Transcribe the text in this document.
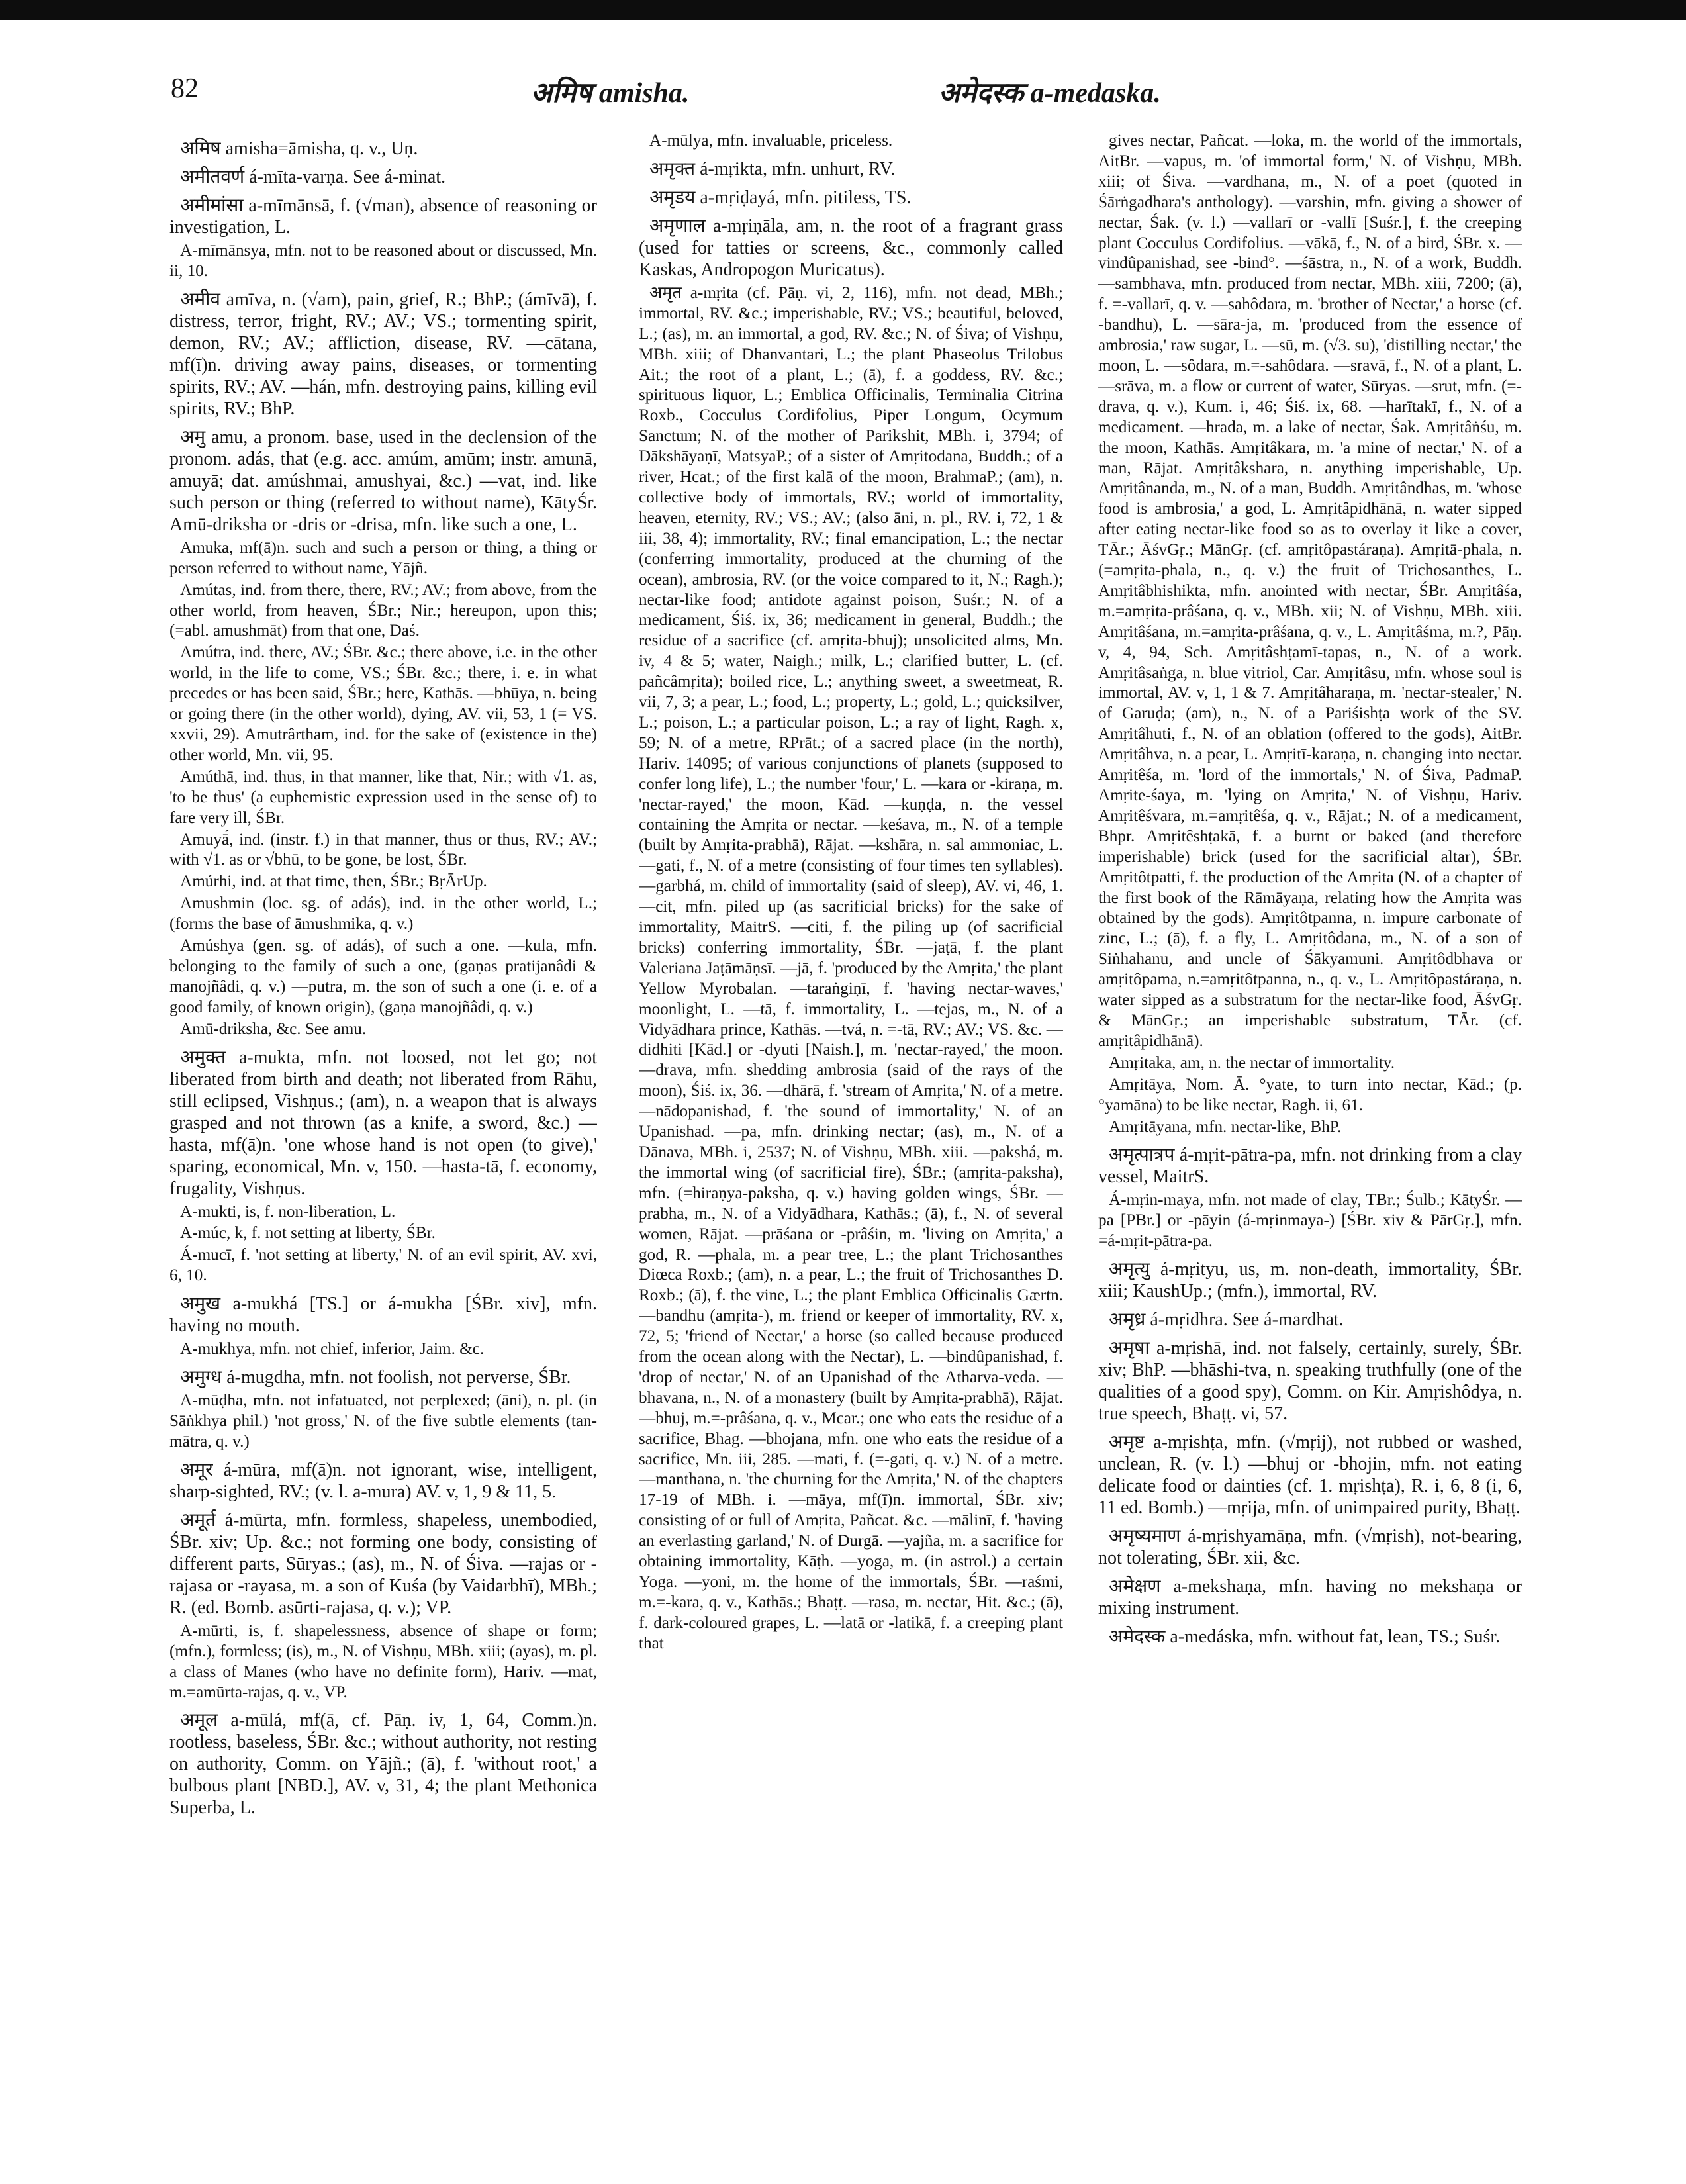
82	अमिष amisha.	अमेदस्क a-medaska.

अमिष amisha=āmisha, q. v., Uṇ.

अमीतवर्ण á-mīta-varṇa. See á-minat.

अमीमांसा a-mīmānsā, f. (√man), absence of reasoning or investigation, L.

A-mīmānsya, mfn. not to be reasoned about or discussed, Mn. ii, 10.

अमीव amīva, n. (√am), pain, grief, R.; BhP.; (ámīvā), f. distress, terror, fright, RV.; AV.; VS.; tormenting spirit, demon, RV.; AV.; affliction, disease, RV. —cātana, mf(ī)n. driving away pains, diseases, or tormenting spirits, RV.; AV. —hán, mfn. destroying pains, killing evil spirits, RV.; BhP.

अमु amu, a pronom. base, used in the declension of the pronom. adás, that (e.g. acc. amúm, amūm; instr. amunā, amuyā; dat. amúshmai, amushyai, &c.) —vat, ind. like such person or thing (referred to without name), KātyŚr. Amū-driksha or -dris or -drisa, mfn. like such a one, L.

Amuka, mf(ā)n. such and such a person or thing, a thing or person referred to without name, Yājñ.

Amútas, ind. from there, there, RV.; AV.; from above, from the other world, from heaven, ŚBr.; Nir.; hereupon, upon this; (=abl. amushmāt) from that one, Daś.

Amútra, ind. there, AV.; ŚBr. &c.; there above, i.e. in the other world, in the life to come, VS.; ŚBr. &c.; there, i. e. in what precedes or has been said, ŚBr.; here, Kathās. —bhūya, n. being or going there (in the other world), dying, AV. vii, 53, 1 (= VS. xxvii, 29). Amutrârtham, ind. for the sake of (existence in the) other world, Mn. vii, 95.

Amúthā, ind. thus, in that manner, like that, Nir.; with √1. as, 'to be thus' (a euphemistic expression used in the sense of) to fare very ill, ŚBr.

Amuyā́, ind. (instr. f.) in that manner, thus or thus, RV.; AV.; with √1. as or √bhū, to be gone, be lost, ŚBr.

Amúrhi, ind. at that time, then, ŚBr.; BṛĀrUp.

Amushmin (loc. sg. of adás), ind. in the other world, L.; (forms the base of āmushmika, q. v.)

Amúshya (gen. sg. of adás), of such a one. —kula, mfn. belonging to the family of such a one, (gaṇas pratijanâdi & manojñâdi, q. v.) —putra, m. the son of such a one (i. e. of a good family, of known origin), (gaṇa manojñâdi, q. v.)

Amū-driksha, &c. See amu.

अमुक्त a-mukta, mfn. not loosed, not let go; not liberated from birth and death; not liberated from Rāhu, still eclipsed, Vishṇus.; (am), n. a weapon that is always grasped and not thrown (as a knife, a sword, &c.) —hasta, mf(ā)n. 'one whose hand is not open (to give),' sparing, economical, Mn. v, 150. —hasta-tā, f. economy, frugality, Vishṇus.

A-mukti, is, f. non-liberation, L.

A-múc, k, f. not setting at liberty, ŚBr.

Á-mucī, f. 'not setting at liberty,' N. of an evil spirit, AV. xvi, 6, 10.

अमुख a-mukhá [TS.] or á-mukha [ŚBr. xiv], mfn. having no mouth.

A-mukhya, mfn. not chief, inferior, Jaim. &c.

अमुग्ध á-mugdha, mfn. not foolish, not perverse, ŚBr.

A-mūḍha, mfn. not infatuated, not perplexed; (āni), n. pl. (in Sāṅkhya phil.) 'not gross,' N. of the five subtle elements (tan-mātra, q. v.)

अमूर á-mūra, mf(ā)n. not ignorant, wise, intelligent, sharp-sighted, RV.; (v. l. a-mura) AV. v, 1, 9 & 11, 5.

अमूर्त á-mūrta, mfn. formless, shapeless, unembodied, ŚBr. xiv; Up. &c.; not forming one body, consisting of different parts, Sūryas.; (as), m., N. of Śiva. —rajas or -rajasa or -rayasa, m. a son of Kuśa (by Vaidarbhī), MBh.; R. (ed. Bomb. asūrti-rajasa, q. v.); VP.

A-mūrti, is, f. shapelessness, absence of shape or form; (mfn.), formless; (is), m., N. of Vishṇu, MBh. xiii; (ayas), m. pl. a class of Manes (who have no definite form), Hariv. —mat, m.=amūrta-rajas, q. v., VP.

अमूल a-mūlá, mf(ā, cf. Pāṇ. iv, 1, 64, Comm.)n. rootless, baseless, ŚBr. &c.; without authority, not resting on authority, Comm. on Yājñ.; (ā), f. 'without root,' a bulbous plant [NBD.], AV. v, 31, 4; the plant Methonica Superba, L.

A-mūlya, mfn. invaluable, priceless.

अमृक्त á-mṛikta, mfn. unhurt, RV.

अमृडय a-mṛiḍayá, mfn. pitiless, TS.

अमृणाल a-mṛiṇāla, am, n. the root of a fragrant grass (used for tatties or screens, &c., commonly called Kaskas, Andropogon Muricatus).

अमृत a-mṛita (cf. Pāṇ. vi, 2, 116), mfn. not dead, MBh.; immortal, RV. &c.; imperishable, RV.; VS.; beautiful, beloved, L.; (as), m. an immortal, a god, RV. &c.; N. of Śiva; of Vishṇu, MBh. xiii; of Dhanvantari, L.; the plant Phaseolus Trilobus Ait.; the root of a plant, L.; (ā), f. a goddess, RV. &c.; spirituous liquor, L.; Emblica Officinalis, Terminalia Citrina Roxb., Cocculus Cordifolius, Piper Longum, Ocymum Sanctum; N. of the mother of Parikshit, MBh. i, 3794; of Dākshāyaṇī, MatsyaP.; of a sister of Amṛitodana, Buddh.; of a river, Hcat.; of the first kalā of the moon, BrahmaP.; (am), n. collective body of immortals, RV.; world of immortality, heaven, eternity, RV.; VS.; AV.; (also āni, n. pl., RV. i, 72, 1 & iii, 38, 4); immortality, RV.; final emancipation, L.; the nectar (conferring immortality, produced at the churning of the ocean), ambrosia, RV. (or the voice compared to it, N.; Ragh.); nectar-like food; antidote against poison, Suśr.; N. of a medicament, Śiś. ix, 36; medicament in general, Buddh.; the residue of a sacrifice (cf. amṛita-bhuj); unsolicited alms, Mn. iv, 4 & 5; water, Naigh.; milk, L.; clarified butter, L. (cf. pañcâmṛita); boiled rice, L.; anything sweet, a sweetmeat, R. vii, 7, 3; a pear, L.; food, L.; property, L.; gold, L.; quicksilver, L.; poison, L.; a particular poison, L.; a ray of light, Ragh. x, 59; N. of a metre, RPrāt.; of a sacred place (in the north), Hariv. 14095; of various conjunctions of planets (supposed to confer long life), L.; the number 'four,' L. —kara or -kiraṇa, m. 'nectar-rayed,' the moon, Kād. —kuṇḍa, n. the vessel containing the Amṛita or nectar. —keśava, m., N. of a temple (built by Amṛita-prabhā), Rājat. —kshāra, n. sal ammoniac, L. —gati, f., N. of a metre (consisting of four times ten syllables). —garbhá, m. child of immortality (said of sleep), AV. vi, 46, 1. —cit, mfn. piled up (as sacrificial bricks) for the sake of immortality, MaitrS. —citi, f. the piling up (of sacrificial bricks) conferring immortality, ŚBr. —jaṭā, f. the plant Valeriana Jaṭāmāṇsī. —jā, f. 'produced by the Amṛita,' the plant Yellow Myrobalan. —taraṅgiṇī, f. 'having nectar-waves,' moonlight, L. —tā, f. immortality, L. —tejas, m., N. of a Vidyādhara prince, Kathās. —tvá, n. =-tā, RV.; AV.; VS. &c. —didhiti [Kād.] or -dyuti [Naish.], m. 'nectar-rayed,' the moon. —drava, mfn. shedding ambrosia (said of the rays of the moon), Śiś. ix, 36. —dhārā, f. 'stream of Amṛita,' N. of a metre. —nādopanishad, f. 'the sound of immortality,' N. of an Upanishad. —pa, mfn. drinking nectar; (as), m., N. of a Dānava, MBh. i, 2537; N. of Vishṇu, MBh. xiii. —pakshá, m. the immortal wing (of sacrificial fire), ŚBr.; (amṛita-paksha), mfn. (=hiraṇya-paksha, q. v.) having golden wings, ŚBr. —prabha, m., N. of a Vidyādhara, Kathās.; (ā), f., N. of several women, Rājat. —prāśana or -prâśin, m. 'living on Amṛita,' a god, R. —phala, m. a pear tree, L.; the plant Trichosanthes Diœca Roxb.; (am), n. a pear, L.; the fruit of Trichosanthes D. Roxb.; (ā), f. the vine, L.; the plant Emblica Officinalis Gærtn. —bandhu (amṛita-), m. friend or keeper of immortality, RV. x, 72, 5; 'friend of Nectar,' a horse (so called because produced from the ocean along with the Nectar), L. —bindûpanishad, f. 'drop of nectar,' N. of an Upanishad of the Atharva-veda. —bhavana, n., N. of a monastery (built by Amṛita-prabhā), Rājat. —bhuj, m.=-prâśana, q. v., Mcar.; one who eats the residue of a sacrifice, Bhag. —bhojana, mfn. one who eats the residue of a sacrifice, Mn. iii, 285. —mati, f. (=-gati, q. v.) N. of a metre. —manthana, n. 'the churning for the Amṛita,' N. of the chapters 17-19 of MBh. i. —māya, mf(ī)n. immortal, ŚBr. xiv; consisting of or full of Amṛita, Pañcat. &c. —mālinī, f. 'having an everlasting garland,' N. of Durgā. —yajña, m. a sacrifice for obtaining immortality, Kāṭh. —yoga, m. (in astrol.) a certain Yoga. —yoni, m. the home of the immortals, ŚBr. —raśmi, m.=-kara, q. v., Kathās.; Bhaṭṭ. —rasa, m. nectar, Hit. &c.; (ā), f. dark-coloured grapes, L. —latā or -latikā, f. a creeping plant that

gives nectar, Pañcat. —loka, m. the world of the immortals, AitBr. —vapus, m. 'of immortal form,' N. of Vishṇu, MBh. xiii; of Śiva. —vardhana, m., N. of a poet (quoted in Śārṅgadhara's anthology). —varshin, mfn. giving a shower of nectar, Śak. (v. l.) —vallarī or -vallī [Suśr.], f. the creeping plant Cocculus Cordifolius. —vākā, f., N. of a bird, ŚBr. x. —vindûpanishad, see -bind°. —śāstra, n., N. of a work, Buddh. —sambhava, mfn. produced from nectar, MBh. xiii, 7200; (ā), f. =-vallarī, q. v. —sahôdara, m. 'brother of Nectar,' a horse (cf. -bandhu), L. —sāra-ja, m. 'produced from the essence of ambrosia,' raw sugar, L. —sū, m. (√3. su), 'distilling nectar,' the moon, L. —sôdara, m.=-sahôdara. —sravā, f., N. of a plant, L. —srāva, m. a flow or current of water, Sūryas. —srut, mfn. (=-drava, q. v.), Kum. i, 46; Śiś. ix, 68. —harītakī, f., N. of a medicament. —hrada, m. a lake of nectar, Śak. Amṛitâṅśu, m. the moon, Kathās. Amṛitâkara, m. 'a mine of nectar,' N. of a man, Rājat. Amṛitâkshara, n. anything imperishable, Up. Amṛitânanda, m., N. of a man, Buddh. Amṛitândhas, m. 'whose food is ambrosia,' a god, L. Amṛitâpidhānā, n. water sipped after eating nectar-like food so as to overlay it like a cover, TĀr.; ĀśvGṛ.; MānGṛ. (cf. amṛitôpastáraṇa). Amṛitā-phala, n. (=amṛita-phala, n., q. v.) the fruit of Trichosanthes, L. Amṛitâbhishikta, mfn. anointed with nectar, ŚBr. Amṛitâśa, m.=amṛita-prâśana, q. v., MBh. xii; N. of Vishṇu, MBh. xiii. Amṛitâśana, m.=amṛita-prâśana, q. v., L. Amṛitâśma, m.?, Pāṇ. v, 4, 94, Sch. Amṛitâshṭamī-tapas, n., N. of a work. Amṛitâsaṅga, n. blue vitriol, Car. Amṛitâsu, mfn. whose soul is immortal, AV. v, 1, 1 & 7. Amṛitâharaṇa, m. 'nectar-stealer,' N. of Garuḍa; (am), n., N. of a Pariśishṭa work of the SV. Amṛitâhuti, f., N. of an oblation (offered to the gods), AitBr. Amṛitâhva, n. a pear, L. Amṛitī-karaṇa, n. changing into nectar. Amṛitêśa, m. 'lord of the immortals,' N. of Śiva, PadmaP. Amṛite-śaya, m. 'lying on Amṛita,' N. of Vishṇu, Hariv. Amṛitêśvara, m.=amṛitêśa, q. v., Rājat.; N. of a medicament, Bhpr. Amṛitêshṭakā, f. a burnt or baked (and therefore imperishable) brick (used for the sacrificial altar), ŚBr. Amṛitôtpatti, f. the production of the Amṛita (N. of a chapter of the first book of the Rāmāyaṇa, relating how the Amṛita was obtained by the gods). Amṛitôtpanna, n. impure carbonate of zinc, L.; (ā), f. a fly, L. Amṛitôdana, m., N. of a son of Siṅhahanu, and uncle of Śākyamuni. Amṛitôdbhava or amṛitôpama, n.=amṛitôtpanna, n., q. v., L. Amṛitôpastáraṇa, n. water sipped as a substratum for the nectar-like food, ĀśvGṛ. & MānGṛ.; an imperishable substratum, TĀr. (cf. amṛitâpidhānā).

Amṛitaka, am, n. the nectar of immortality.

Amṛitāya, Nom. Ā. °yate, to turn into nectar, Kād.; (p. °yamāna) to be like nectar, Ragh. ii, 61.

Amṛitāyana, mfn. nectar-like, BhP.

अमृत्पात्रप á-mṛit-pātra-pa, mfn. not drinking from a clay vessel, MaitrS.

Á-mṛin-maya, mfn. not made of clay, TBr.; Śulb.; KātyŚr. —pa [PBr.] or -pāyin (á-mṛinmaya-) [ŚBr. xiv & PārGṛ.], mfn. =á-mṛit-pātra-pa.

अमृत्यु á-mṛityu, us, m. non-death, immortality, ŚBr. xiii; KaushUp.; (mfn.), immortal, RV.

अमृध्र á-mṛidhra. See á-mardhat.

अमृषा a-mṛishā, ind. not falsely, certainly, surely, ŚBr. xiv; BhP. —bhāshi-tva, n. speaking truthfully (one of the qualities of a good spy), Comm. on Kir. Amṛishôdya, n. true speech, Bhaṭṭ. vi, 57.

अमृष्ट a-mṛishṭa, mfn. (√mṛij), not rubbed or washed, unclean, R. (v. l.) —bhuj or -bhojin, mfn. not eating delicate food or dainties (cf. 1. mṛishṭa), R. i, 6, 8 (i, 6, 11 ed. Bomb.) —mṛija, mfn. of unimpaired purity, Bhaṭṭ.

अमृष्यमाण á-mṛishyamāṇa, mfn. (√mṛish), not-bearing, not tolerating, ŚBr. xii, &c.

अमेक्षण a-mekshaṇa, mfn. having no mekshaṇa or mixing instrument.

अमेदस्क a-medáska, mfn. without fat, lean, TS.; Suśr.
